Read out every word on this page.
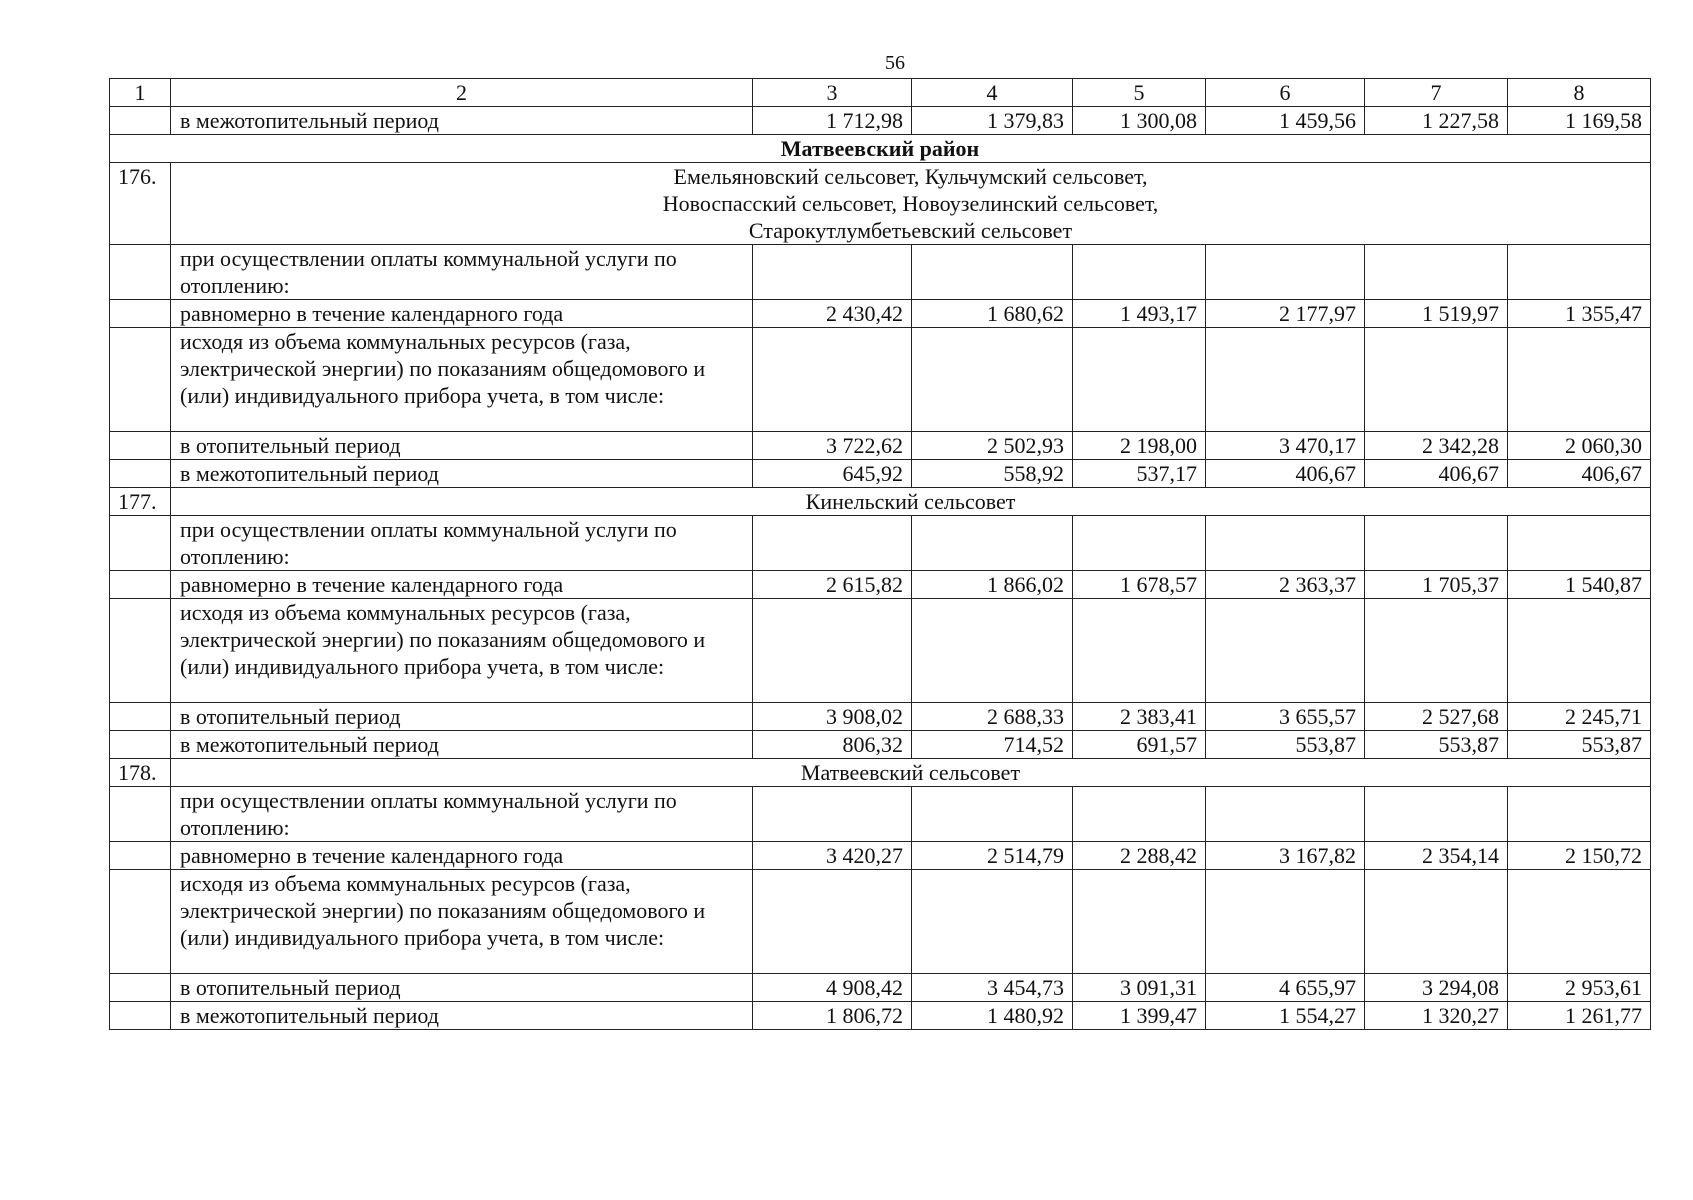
56
1	2	3	4	5	6	7	8
	в межотопительный период	1 712,98	1 379,83	1 300,08	1 459,56	1 227,58	1 169,58
Матвеевский район							
176.	Емельяновский сельсовет, Кульчумский сельсовет,
Новоспасский сельсовет, Новоузелинский сельсовет,
Старокутлумбетьевский сельсовет						

	при осуществлении оплаты коммунальной услуги по отоплению:						
	равномерно в течение календарного года	2 430,42	1 680,62	1 493,17	2 177,97	1 519,97	1 355,47
	исходя из объема коммунальных ресурсов (газа, электрической энергии) по показаниям общедомового и (или) индивидуального прибора учета, в том числе:						
	в отопительный период	3 722,62	2 502,93	2 198,00	3 470,17	2 342,28	2 060,30
	в межотопительный период	645,92	558,92	537,17	406,67	406,67	406,67
177.	Кинельский сельсовет						

	при осуществлении оплаты коммунальной услуги по отоплению:						
	равномерно в течение календарного года	2 615,82	1 866,02	1 678,57	2 363,37	1 705,37	1 540,87
	исходя из объема коммунальных ресурсов (газа, электрической энергии) по показаниям общедомового и (или) индивидуального прибора учета, в том числе:						
	в отопительный период	3 908,02	2 688,33	2 383,41	3 655,57	2 527,68	2 245,71
	в межотопительный период	806,32	714,52	691,57	553,87	553,87	553,87
178.	Матвеевский сельсовет						

	при осуществлении оплаты коммунальной услуги по отоплению:						
	равномерно в течение календарного года	3 420,27	2 514,79	2 288,42	3 167,82	2 354,14	2 150,72
	исходя из объема коммунальных ресурсов (газа, электрической энергии) по показаниям общедомового и (или) индивидуального прибора учета, в том числе:						
	в отопительный период	4 908,42	3 454,73	3 091,31	4 655,97	3 294,08	2 953,61
	в межотопительный период	1 806,72	1 480,92	1 399,47	1 554,27	1 320,27	1 261,77
